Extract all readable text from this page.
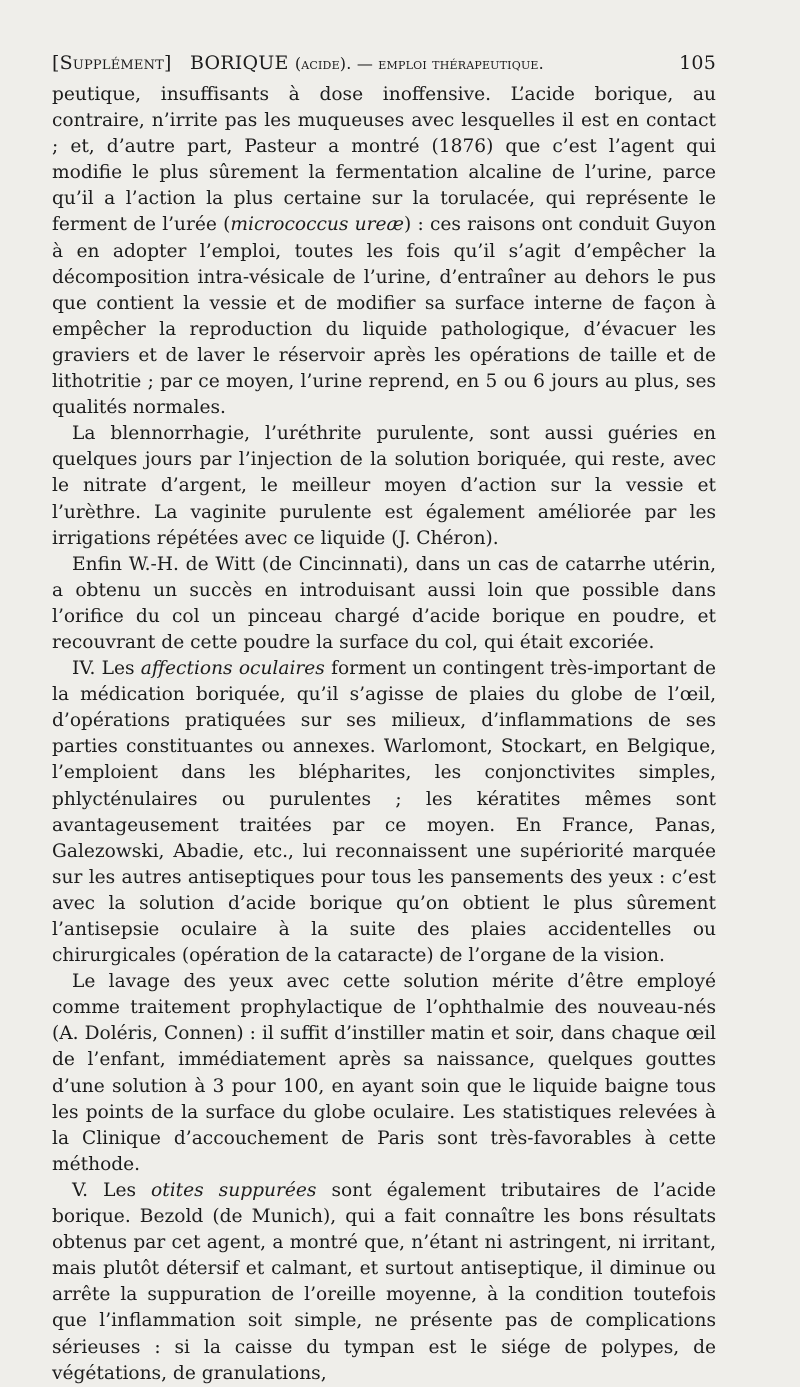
[Supplément] BORIQUE (acide). — emploi thérapeutique.	105

peutique, insuffisants à dose inoffensive. L’acide borique, au contraire, n’irrite pas les muqueuses avec lesquelles il est en contact ; et, d’autre part, Pasteur a montré (1876) que c’est l’agent qui modifie le plus sûrement la fermentation alcaline de l’urine, parce qu’il a l’action la plus certaine sur la torulacée, qui représente le ferment de l’urée (micrococcus ureæ) : ces raisons ont conduit Guyon à en adopter l’emploi, toutes les fois qu’il s’agit d’empêcher la décomposition intra-vésicale de l’urine, d’entraîner au dehors le pus que contient la vessie et de modifier sa surface interne de façon à empêcher la reproduction du liquide pathologique, d’évacuer les graviers et de laver le réservoir après les opérations de taille et de lithotritie ; par ce moyen, l’urine reprend, en 5 ou 6 jours au plus, ses qualités normales.

La blennorrhagie, l’uréthrite purulente, sont aussi guéries en quelques jours par l’injection de la solution boriquée, qui reste, avec le nitrate d’argent, le meilleur moyen d’action sur la vessie et l’urèthre. La vaginite purulente est également améliorée par les irrigations répétées avec ce liquide (J. Chéron).

Enfin W.-H. de Witt (de Cincinnati), dans un cas de catarrhe utérin, a obtenu un succès en introduisant aussi loin que possible dans l’orifice du col un pinceau chargé d’acide borique en poudre, et recouvrant de cette poudre la surface du col, qui était excoriée.

IV. Les affections oculaires forment un contingent très-important de la médication boriquée, qu’il s’agisse de plaies du globe de l’œil, d’opérations pratiquées sur ses milieux, d’inflammations de ses parties constituantes ou annexes. Warlomont, Stockart, en Belgique, l’emploient dans les blépharites, les conjonctivites simples, phlycténulaires ou purulentes ; les kératites mêmes sont avantageusement traitées par ce moyen. En France, Panas, Galezowski, Abadie, etc., lui reconnaissent une supériorité marquée sur les autres antiseptiques pour tous les pansements des yeux : c’est avec la solution d’acide borique qu’on obtient le plus sûrement l’antisepsie oculaire à la suite des plaies accidentelles ou chirurgicales (opération de la cataracte) de l’organe de la vision.

Le lavage des yeux avec cette solution mérite d’être employé comme traitement prophylactique de l’ophthalmie des nouveau-nés (A. Doléris, Connen) : il suffit d’instiller matin et soir, dans chaque œil de l’enfant, immédiatement après sa naissance, quelques gouttes d’une solution à 3 pour 100, en ayant soin que le liquide baigne tous les points de la surface du globe oculaire. Les statistiques relevées à la Clinique d’accouchement de Paris sont très-favorables à cette méthode.

V. Les otites suppurées sont également tributaires de l’acide borique. Bezold (de Munich), qui a fait connaître les bons résultats obtenus par cet agent, a montré que, n’étant ni astringent, ni irritant, mais plutôt détersif et calmant, et surtout antiseptique, il diminue ou arrête la suppuration de l’oreille moyenne, à la condition toutefois que l’inflammation soit simple, ne présente pas de complications sérieuses : si la caisse du tympan est le siége de polypes, de végétations, de granulations,
